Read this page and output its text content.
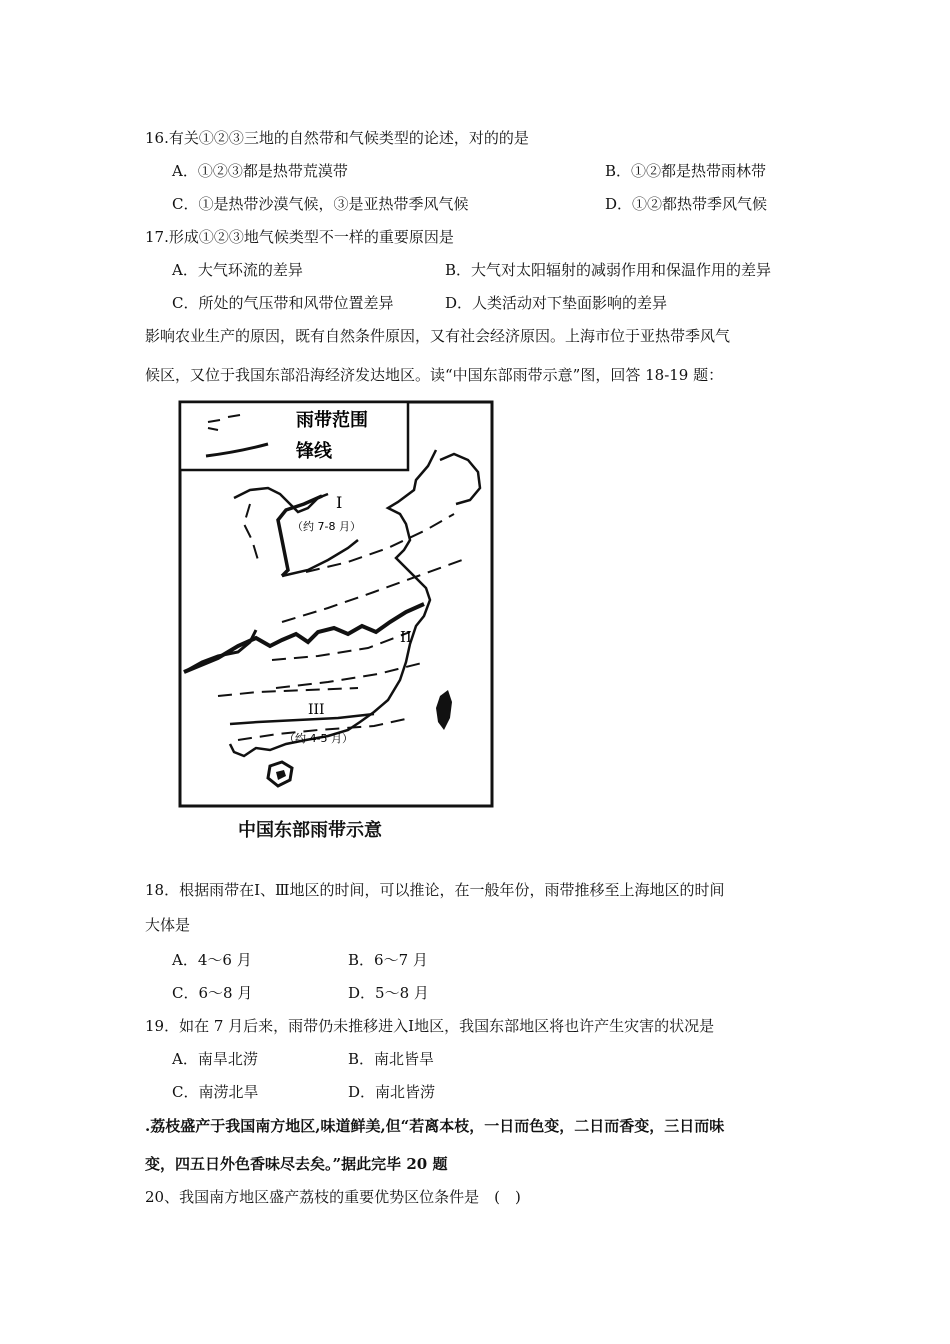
16.有关①②③三地的自然带和气候类型的论述，对的的是
A．①②③都是热带荒漠带	B．①②都是热带雨林带
C．①是热带沙漠气候，③是亚热带季风气候	D．①②都热带季风气候
17.形成①②③地气候类型不一样的重要原因是
A．大气环流的差异	B．大气对太阳辐射的减弱作用和保温作用的差异
C．所处的气压带和风带位置差异	D．人类活动对下垫面影响的差异
影响农业生产的原因，既有自然条件原因，又有社会经济原因。上海市位于亚热带季风气
候区，又位于我国东部沿海经济发达地区。读“中国东部雨带示意”图，回答 18-19 题：
雨带范围
锋线
I
（约 7-8 月）
II
III
（约 4-5 月）
中国东部雨带示意
18．根据雨带在Ⅰ、Ⅲ地区的时间，可以推论，在一般年份，雨带推移至上海地区的时间
大体是
A．4～6 月	B．6～7 月
C．6～8 月	D．5～8 月
19．如在 7 月后来，雨带仍未推移进入Ⅰ地区，我国东部地区将也许产生灾害的状况是
A．南旱北涝	B．南北皆旱
C．南涝北旱	D．南北皆涝
.荔枝盛产于我国南方地区,味道鲜美,但“若离本枝，一日而色变，二日而香变，三日而味
变，四五日外色香味尽去矣。”据此完毕 20 题
20、我国南方地区盛产荔枝的重要优势区位条件是　(　)
